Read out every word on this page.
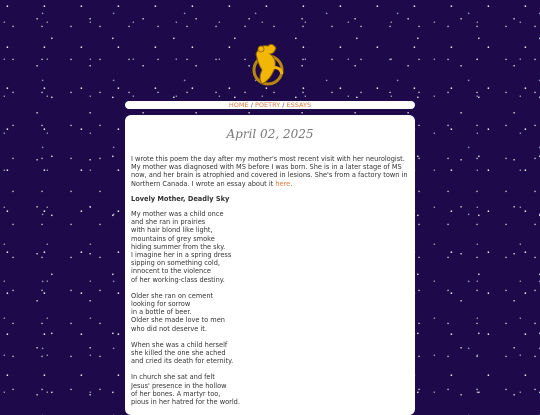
HOME / POETRY / ESSAYS
April 02, 2025

I wrote this poem the day after my mother's most recent visit with her neurologist. My mother was diagnosed with MS before I was born. She is in a later stage of MS now, and her brain is atrophied and covered in lesions. She's from a factory town in Northern Canada. I wrote an essay about it here.

Lovely Mother, Deadly Sky

My mother was a child once
and she ran in prairies
with hair blond like light,
mountains of grey smoke
hiding summer from the sky.
I imagine her in a spring dress
sipping on something cold,
innocent to the violence
of her working-class destiny.
Older she ran on cement
looking for sorrow
in a bottle of beer.
Older she made love to men
who did not deserve it.
When she was a child herself
she killed the one she ached
and cried its death for eternity.
In church she sat and felt
Jesus' presence in the hollow
of her bones. A martyr too,
pious in her hatred for the world.
